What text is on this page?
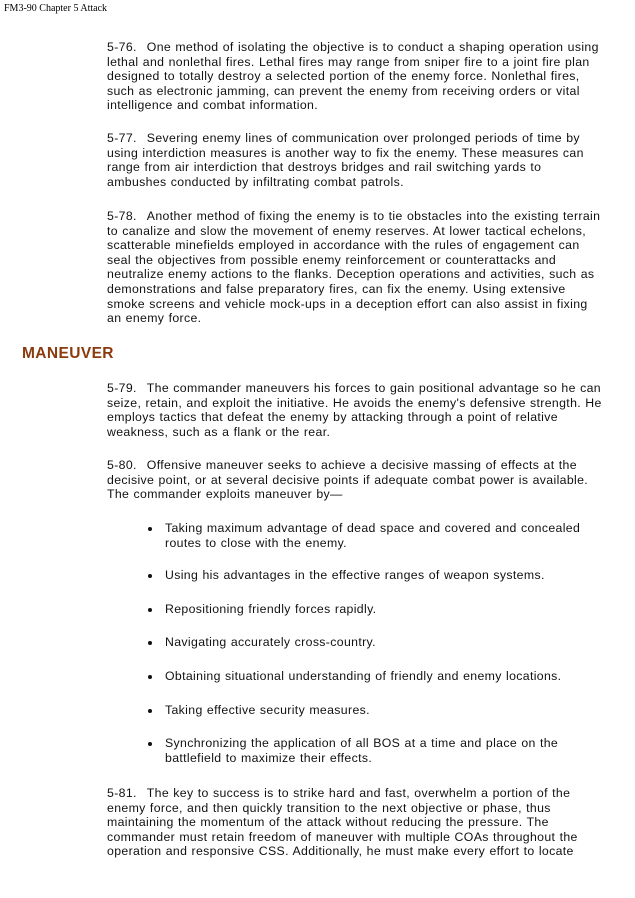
FM3-90 Chapter 5 Attack

5-76. One method of isolating the objective is to conduct a shaping operation using lethal and nonlethal fires. Lethal fires may range from sniper fire to a joint fire plan designed to totally destroy a selected portion of the enemy force. Nonlethal fires, such as electronic jamming, can prevent the enemy from receiving orders or vital intelligence and combat information.

5-77. Severing enemy lines of communication over prolonged periods of time by using interdiction measures is another way to fix the enemy. These measures can range from air interdiction that destroys bridges and rail switching yards to ambushes conducted by infiltrating combat patrols.

5-78. Another method of fixing the enemy is to tie obstacles into the existing terrain to canalize and slow the movement of enemy reserves. At lower tactical echelons, scatterable minefields employed in accordance with the rules of engagement can seal the objectives from possible enemy reinforcement or counterattacks and neutralize enemy actions to the flanks. Deception operations and activities, such as demonstrations and false preparatory fires, can fix the enemy. Using extensive smoke screens and vehicle mock-ups in a deception effort can also assist in fixing an enemy force.

MANEUVER

5-79. The commander maneuvers his forces to gain positional advantage so he can seize, retain, and exploit the initiative. He avoids the enemy's defensive strength. He employs tactics that defeat the enemy by attacking through a point of relative weakness, such as a flank or the rear.

5-80. Offensive maneuver seeks to achieve a decisive massing of effects at the decisive point, or at several decisive points if adequate combat power is available. The commander exploits maneuver by—

Taking maximum advantage of dead space and covered and concealed routes to close with the enemy.
Using his advantages in the effective ranges of weapon systems.
Repositioning friendly forces rapidly.
Navigating accurately cross-country.
Obtaining situational understanding of friendly and enemy locations.
Taking effective security measures.
Synchronizing the application of all BOS at a time and place on the battlefield to maximize their effects.

5-81. The key to success is to strike hard and fast, overwhelm a portion of the enemy force, and then quickly transition to the next objective or phase, thus maintaining the momentum of the attack without reducing the pressure. The commander must retain freedom of maneuver with multiple COAs throughout the operation and responsive CSS. Additionally, he must make every effort to locate
